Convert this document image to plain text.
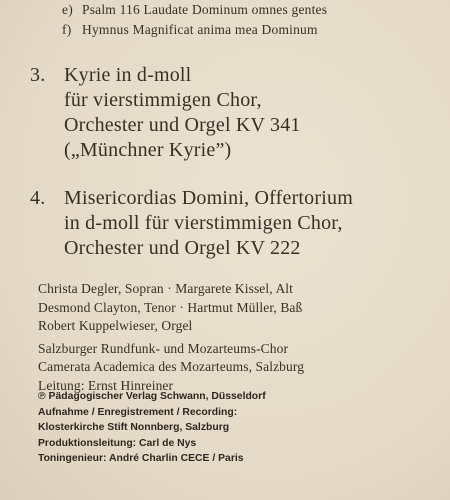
e) Psalm 116 Laudate Dominum omnes gentes
f) Hymnus Magnificat anima mea Dominum
3. Kyrie in d-moll
für vierstimmigen Chor,
Orchester und Orgel KV 341
(„Münchner Kyrie”)
4. Misericordias Domini, Offertorium
in d-moll für vierstimmigen Chor,
Orchester und Orgel KV 222
Christa Degler, Sopran · Margarete Kissel, Alt
Desmond Clayton, Tenor · Hartmut Müller, Baß
Robert Kuppelwieser, Orgel
Salzburger Rundfunk- und Mozarteums-Chor
Camerata Academica des Mozarteums, Salzburg
Leitung: Ernst Hinreiner
℗ Pädagogischer Verlag Schwann, Düsseldorf
Aufnahme / Enregistrement / Recording:
Klosterkirche Stift Nonnberg, Salzburg
Produktionsleitung: Carl de Nys
Toningenieur: André Charlin CECE / Paris
